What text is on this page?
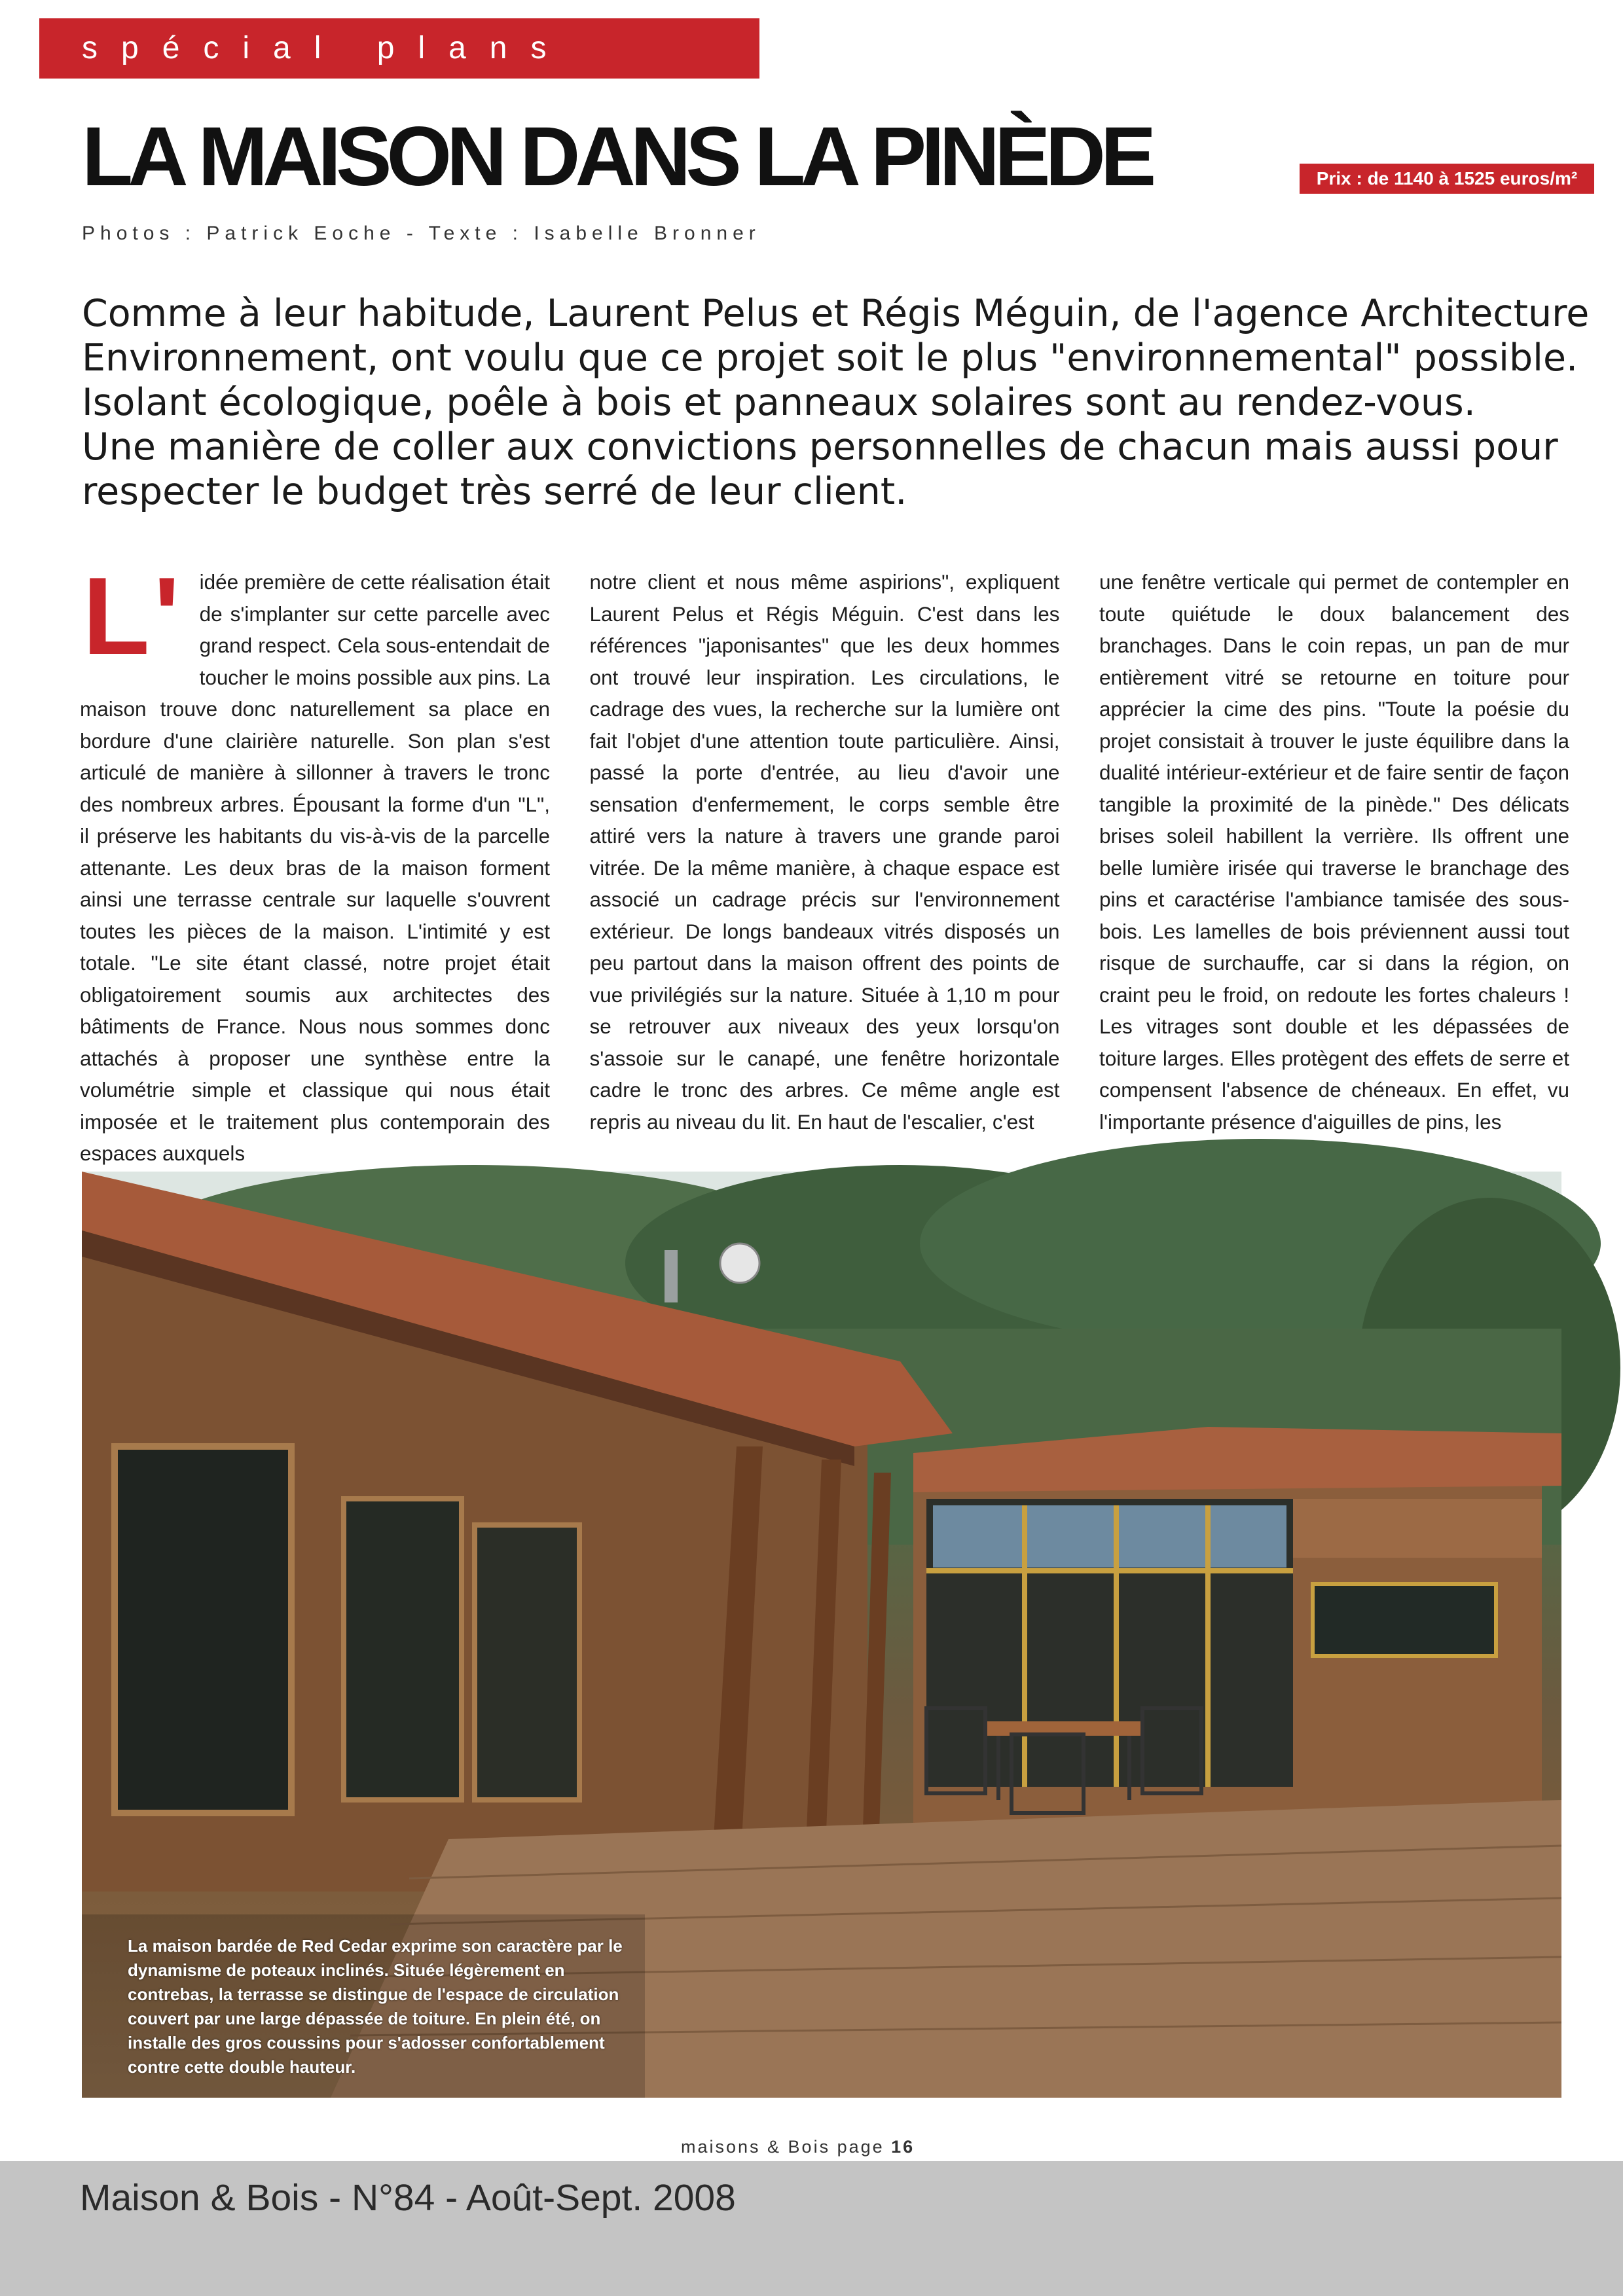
spécial plans
LA MAISON DANS LA PINÈDE	Prix : de 1140 à 1525 euros/m²
Photos : Patrick Eoche - Texte : Isabelle Bronner
Comme à leur habitude, Laurent Pelus et Régis Méguin, de l'agence Architecture
Environnement, ont voulu que ce projet soit le plus "environnemental" possible.
Isolant écologique, poêle à bois et panneaux solaires sont au rendez-vous.
Une manière de coller aux convictions personnelles de chacun mais aussi pour
respecter le budget très serré de leur client.
L' idée première de cette réalisation était de s'implanter sur cette parcelle avec grand respect. Cela sous-entendait de toucher le moins possible aux pins. La maison trouve donc naturellement sa place en bordure d'une clairière naturelle. Son plan s'est articulé de manière à sillonner à travers le tronc des nombreux arbres. Épousant la forme d'un "L", il préserve les habitants du vis-à-vis de la parcelle attenante. Les deux bras de la maison forment ainsi une terrasse centrale sur laquelle s'ouvrent toutes les pièces de la maison. L'intimité y est totale. "Le site étant classé, notre projet était obligatoirement soumis aux architectes des bâtiments de France. Nous nous sommes donc attachés à proposer une synthèse entre la volumétrie simple et classique qui nous était imposée et le traitement plus contemporain des espaces auxquels
notre client et nous même aspirions", expliquent Laurent Pelus et Régis Méguin. C'est dans les références "japonisantes" que les deux hommes ont trouvé leur inspiration. Les circulations, le cadrage des vues, la recherche sur la lumière ont fait l'objet d'une attention toute particulière. Ainsi, passé la porte d'entrée, au lieu d'avoir une sensation d'enfermement, le corps semble être attiré vers la nature à travers une grande paroi vitrée. De la même manière, à chaque espace est associé un cadrage précis sur l'environnement extérieur. De longs bandeaux vitrés disposés un peu partout dans la maison offrent des points de vue privilégiés sur la nature. Située à 1,10 m pour se retrouver aux niveaux des yeux lorsqu'on s'assoie sur le canapé, une fenêtre horizontale cadre le tronc des arbres. Ce même angle est repris au niveau du lit. En haut de l'escalier, c'est
une fenêtre verticale qui permet de contempler en toute quiétude le doux balancement des branchages. Dans le coin repas, un pan de mur entièrement vitré se retourne en toiture pour apprécier la cime des pins. "Toute la poésie du projet consistait à trouver le juste équilibre dans la dualité intérieur-extérieur et de faire sentir de façon tangible la proximité de la pinède." Des délicats brises soleil habillent la verrière. Ils offrent une belle lumière irisée qui traverse le branchage des pins et caractérise l'ambiance tamisée des sous-bois. Les lamelles de bois préviennent aussi tout risque de surchauffe, car si dans la région, on craint peu le froid, on redoute les fortes chaleurs ! Les vitrages sont double et les dépassées de toiture larges. Elles protègent des effets de serre et compensent l'absence de chéneaux. En effet, vu l'importante présence d'aiguilles de pins, les
La maison bardée de Red Cedar exprime son caractère par le dynamisme de poteaux inclinés. Située légèrement en contrebas, la terrasse se distingue de l'espace de circulation couvert par une large dépassée de toiture. En plein été, on installe des gros coussins pour s'adosser confortablement contre cette double hauteur.
maisons & Bois page 16
Maison & Bois - N°84 - Août-Sept. 2008
